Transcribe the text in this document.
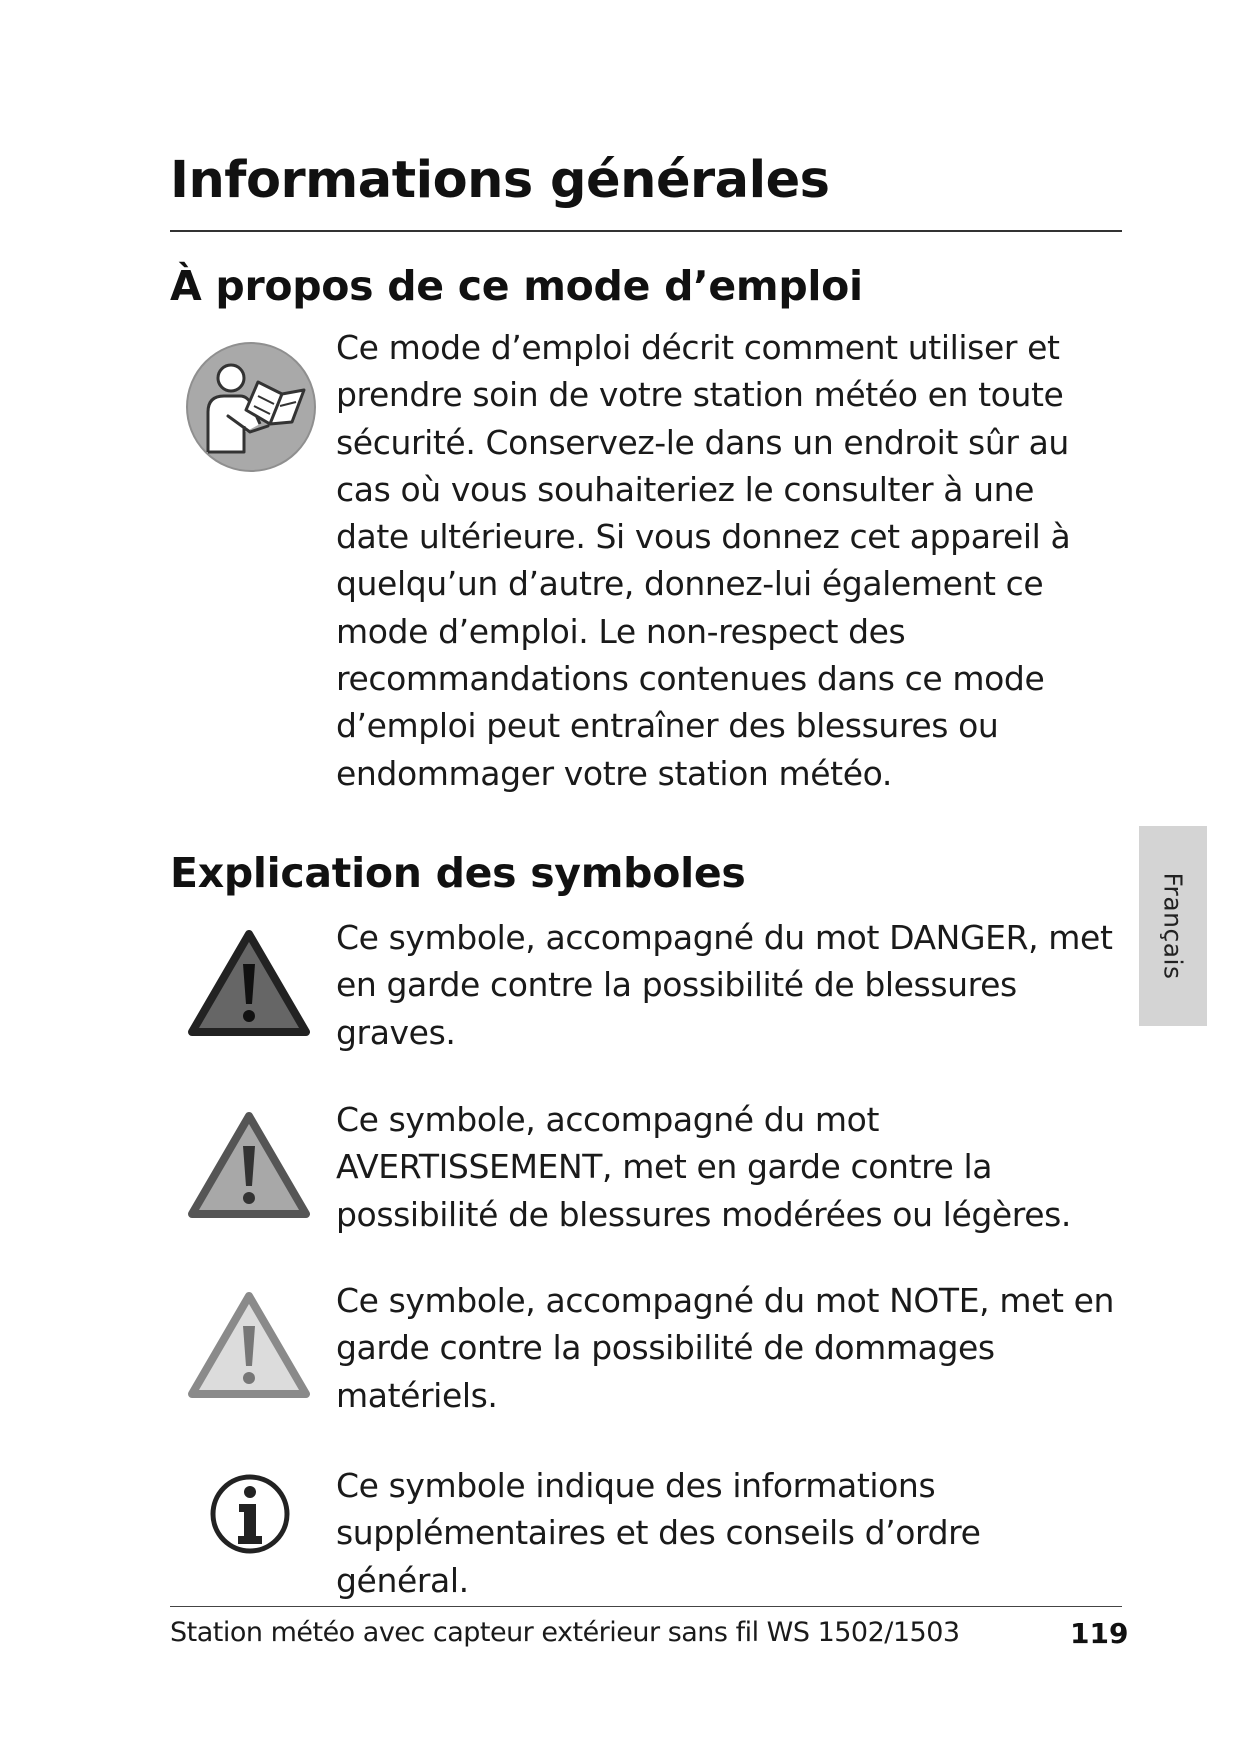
Informations générales
À propos de ce mode d’emploi

Ce mode d’emploi décrit comment utiliser et prendre soin de votre station météo en toute sécurité. Conservez-le dans un endroit sûr au cas où vous souhaiteriez le consulter à une date ultérieure. Si vous donnez cet appareil à quelqu’un d’autre, donnez-lui également ce mode d’emploi. Le non-respect des recommandations contenues dans ce mode d’emploi peut entraîner des blessures ou endommager votre station météo.

Explication des symboles

Ce symbole, accompagné du mot DANGER, met en garde contre la possibilité de blessures graves.

Ce symbole, accompagné du mot AVERTISSEMENT, met en garde contre la possibilité de blessures modérées ou légères.

Ce symbole, accompagné du mot NOTE, met en garde contre la possibilité de dommages matériels.

Ce symbole indique des informations supplémentaires et des conseils d’ordre général.

Français
Station météo avec capteur extérieur sans fil WS 1502/1503	119
